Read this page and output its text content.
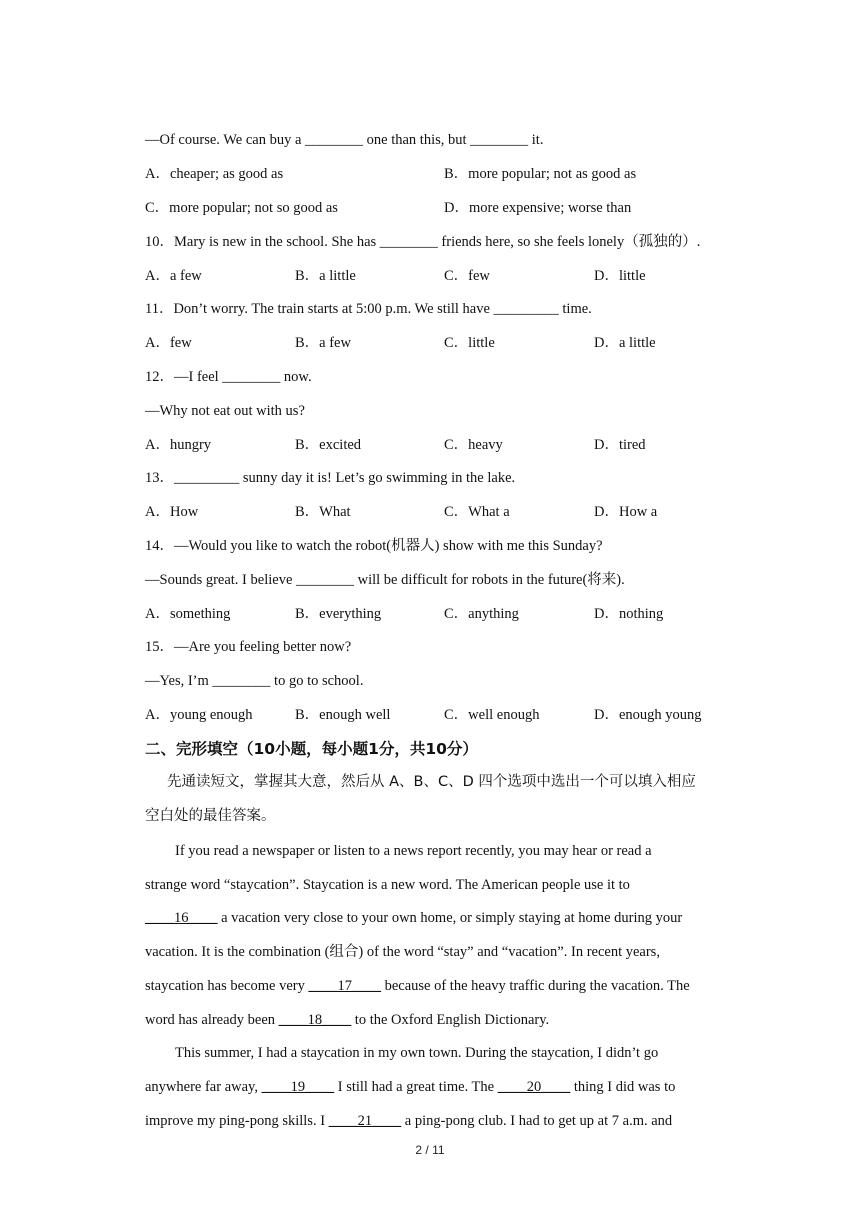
—Of course. We can buy a ________ one than this, but ________ it.
A．cheaper; as good as	B．more popular; not as good as
C．more popular; not so good as	D．more expensive; worse than
10．Mary is new in the school. She has ________ friends here, so she feels lonely（孤独的）.
A．a few	B．a little	C．few	D．little
11．Don’t worry. The train starts at 5:00 p.m. We still have _________ time.
A．few	B．a few	C．little	D．a little
12．—I feel ________ now.
—Why not eat out with us?
A．hungry	B．excited	C．heavy	D．tired
13．_________ sunny day it is! Let’s go swimming in the lake.
A．How	B．What	C．What a	D．How a
14．—Would you like to watch the robot(机器人) show with me this Sunday?
—Sounds great. I believe ________ will be difficult for robots in the future(将来).
A．something	B．everything	C．anything	D．nothing
15．—Are you feeling better now?
—Yes, I’m ________ to go to school.
A．young enough	B．enough well	C．well enough	D．enough young
二、完形填空（10小题，每小题1分，共10分）
先通读短文，掌握其大意，然后从 A、B、C、D 四个选项中选出一个可以填入相应
空白处的最佳答案。
If you read a newspaper or listen to a news report recently, you may hear or read a
strange word “staycation”. Staycation is a new word. The American people use it to
____16____ a vacation very close to your own home, or simply staying at home during your
vacation. It is the combination (组合) of the word “stay” and “vacation”. In recent years,
staycation has become very ____17____ because of the heavy traffic during the vacation. The
word has already been ____18____ to the Oxford English Dictionary.
This summer, I had a staycation in my own town. During the staycation, I didn’t go
anywhere far away, ____19____ I still had a great time. The ____20____ thing I did was to
improve my ping-pong skills. I ____21____ a ping-pong club. I had to get up at 7 a.m. and
2 / 11
